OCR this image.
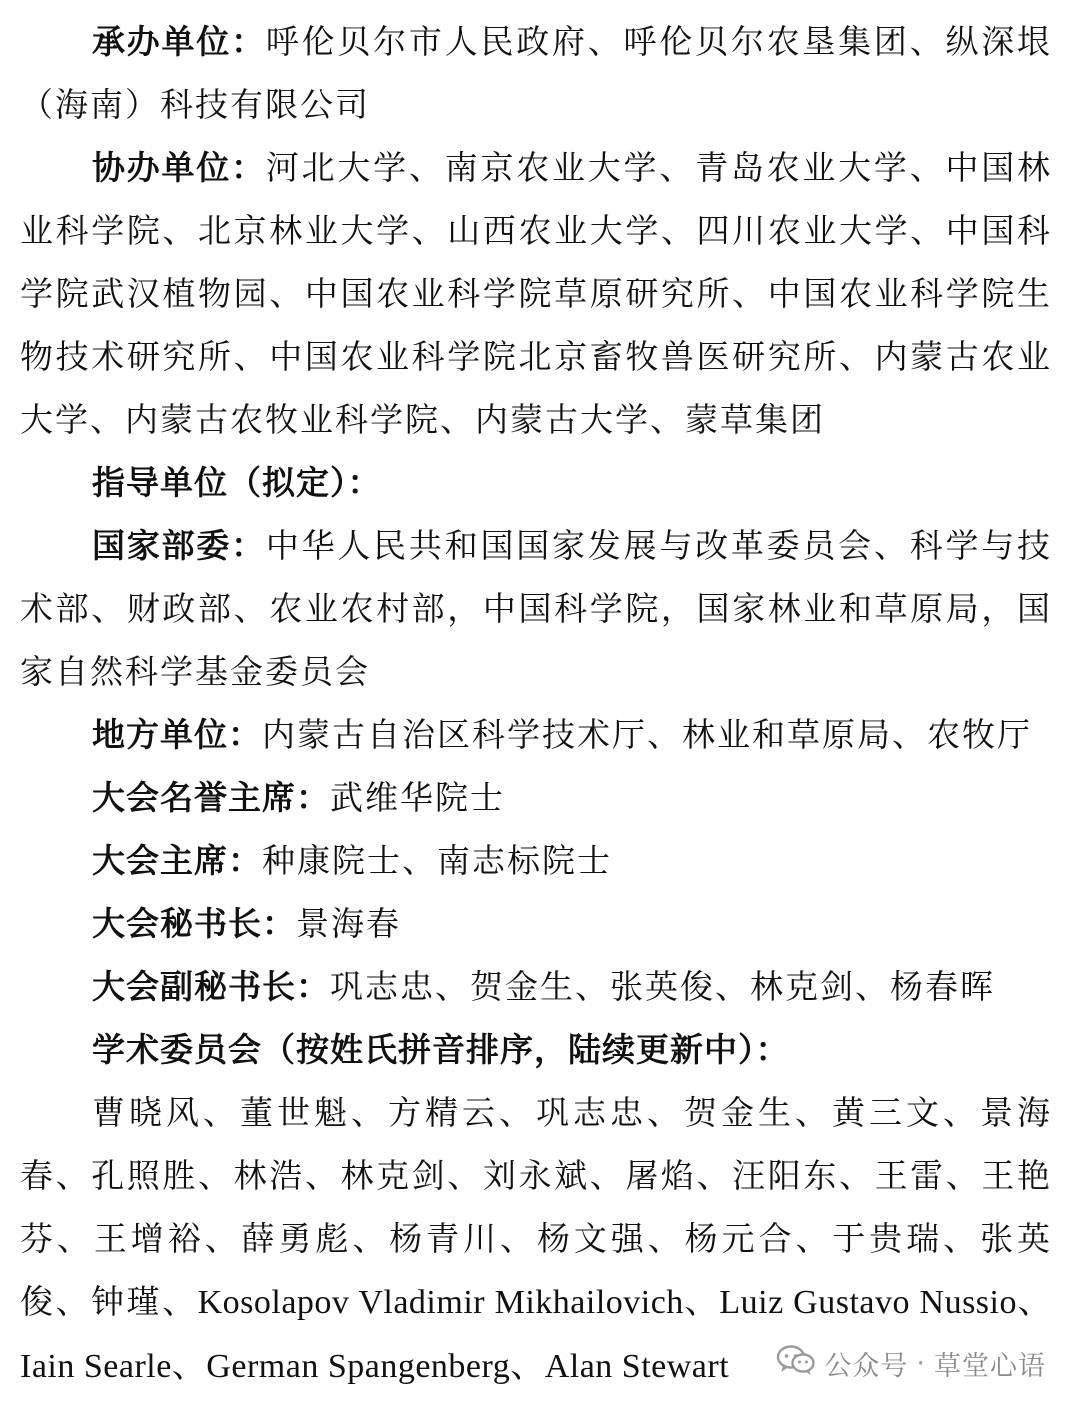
承办单位：呼伦贝尔市人民政府、呼伦贝尔农垦集团、纵深垠（海南）科技有限公司

协办单位：河北大学、南京农业大学、青岛农业大学、中国林业科学院、北京林业大学、山西农业大学、四川农业大学、中国科学院武汉植物园、中国农业科学院草原研究所、中国农业科学院生物技术研究所、中国农业科学院北京畜牧兽医研究所、内蒙古农业大学、内蒙古农牧业科学院、内蒙古大学、蒙草集团

指导单位（拟定）：

国家部委：中华人民共和国国家发展与改革委员会、科学与技术部、财政部、农业农村部，中国科学院，国家林业和草原局，国家自然科学基金委员会

地方单位：内蒙古自治区科学技术厅、林业和草原局、农牧厅

大会名誉主席：武维华院士

大会主席：种康院士、南志标院士

大会秘书长：景海春

大会副秘书长：巩志忠、贺金生、张英俊、林克剑、杨春晖

学术委员会（按姓氏拼音排序，陆续更新中）：

曹晓风、董世魁、方精云、巩志忠、贺金生、黄三文、景海春、孔照胜、林浩、林克剑、刘永斌、屠焰、汪阳东、王雷、王艳芬、王增裕、薛勇彪、杨青川、杨文强、杨元合、于贵瑞、张英俊、钟瑾、Kosolapov Vladimir Mikhailovich、Luiz Gustavo Nussio、Iain Searle、German Spangenberg、Alan Stewart	公众号 · 草堂心语
